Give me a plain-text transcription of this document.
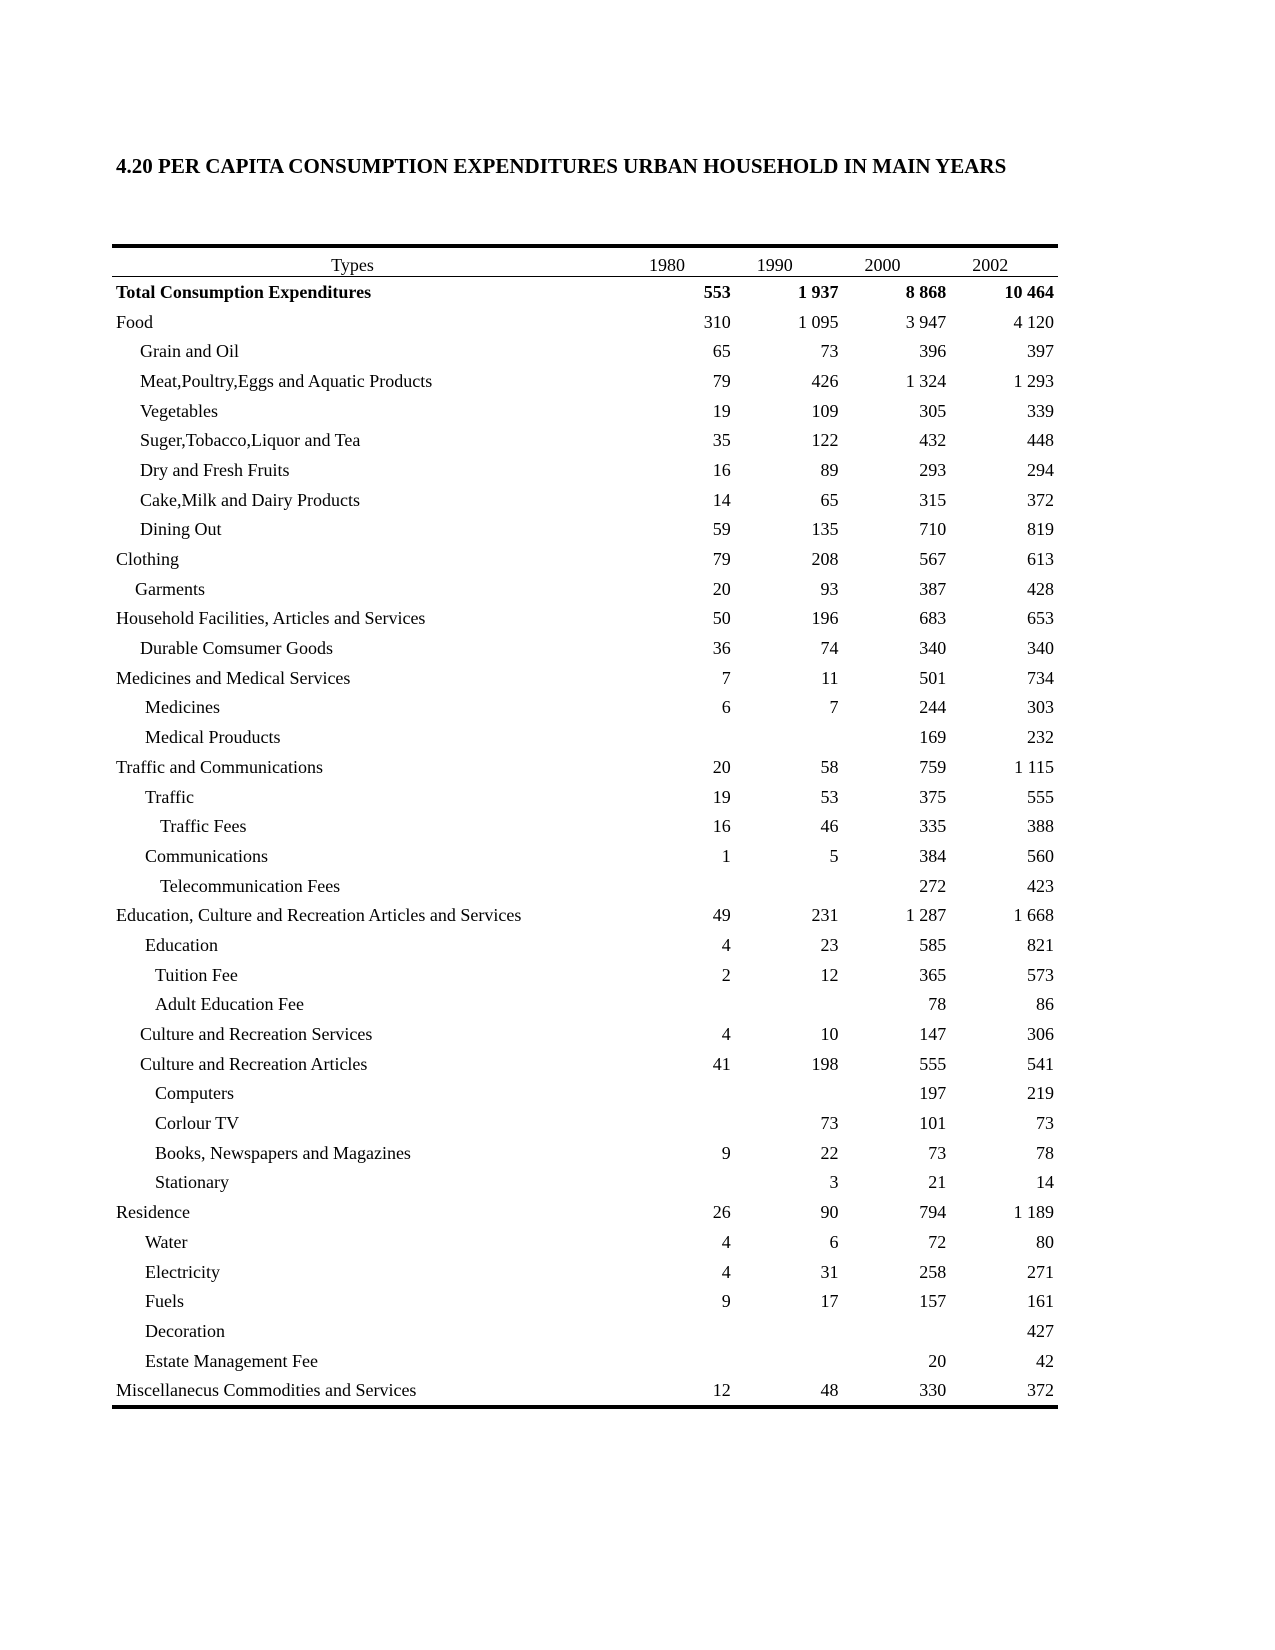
4.20 PER CAPITA CONSUMPTION EXPENDITURES URBAN HOUSEHOLD IN MAIN YEARS
Types	1980	1990	2000	2002
Total Consumption Expenditures	553	1 937	8 868	10 464
Food	310	1 095	3 947	4 120
Grain and Oil	65	73	396	397
Meat,Poultry,Eggs and Aquatic Products	79	426	1 324	1 293
Vegetables	19	109	305	339
Suger,Tobacco,Liquor and Tea	35	122	432	448
Dry and Fresh Fruits	16	89	293	294
Cake,Milk and Dairy Products	14	65	315	372
Dining Out	59	135	710	819
Clothing	79	208	567	613
Garments	20	93	387	428
Household Facilities, Articles and Services	50	196	683	653
Durable Comsumer Goods	36	74	340	340
Medicines and Medical Services	7	11	501	734
Medicines	6	7	244	303
Medical Prouducts			169	232
Traffic and Communications	20	58	759	1 115
Traffic	19	53	375	555
Traffic Fees	16	46	335	388
Communications	1	5	384	560
Telecommunication Fees			272	423
Education, Culture and Recreation Articles and Services	49	231	1 287	1 668
Education	4	23	585	821
Tuition Fee	2	12	365	573
Adult Education Fee			78	86
Culture and Recreation Services	4	10	147	306
Culture and Recreation Articles	41	198	555	541
Computers			197	219
Corlour TV		73	101	73
Books, Newspapers and Magazines	9	22	73	78
Stationary		3	21	14
Residence	26	90	794	1 189
Water	4	6	72	80
Electricity	4	31	258	271
Fuels	9	17	157	161
Decoration				427
Estate Management Fee			20	42
Miscellanecus Commodities and Services	12	48	330	372
